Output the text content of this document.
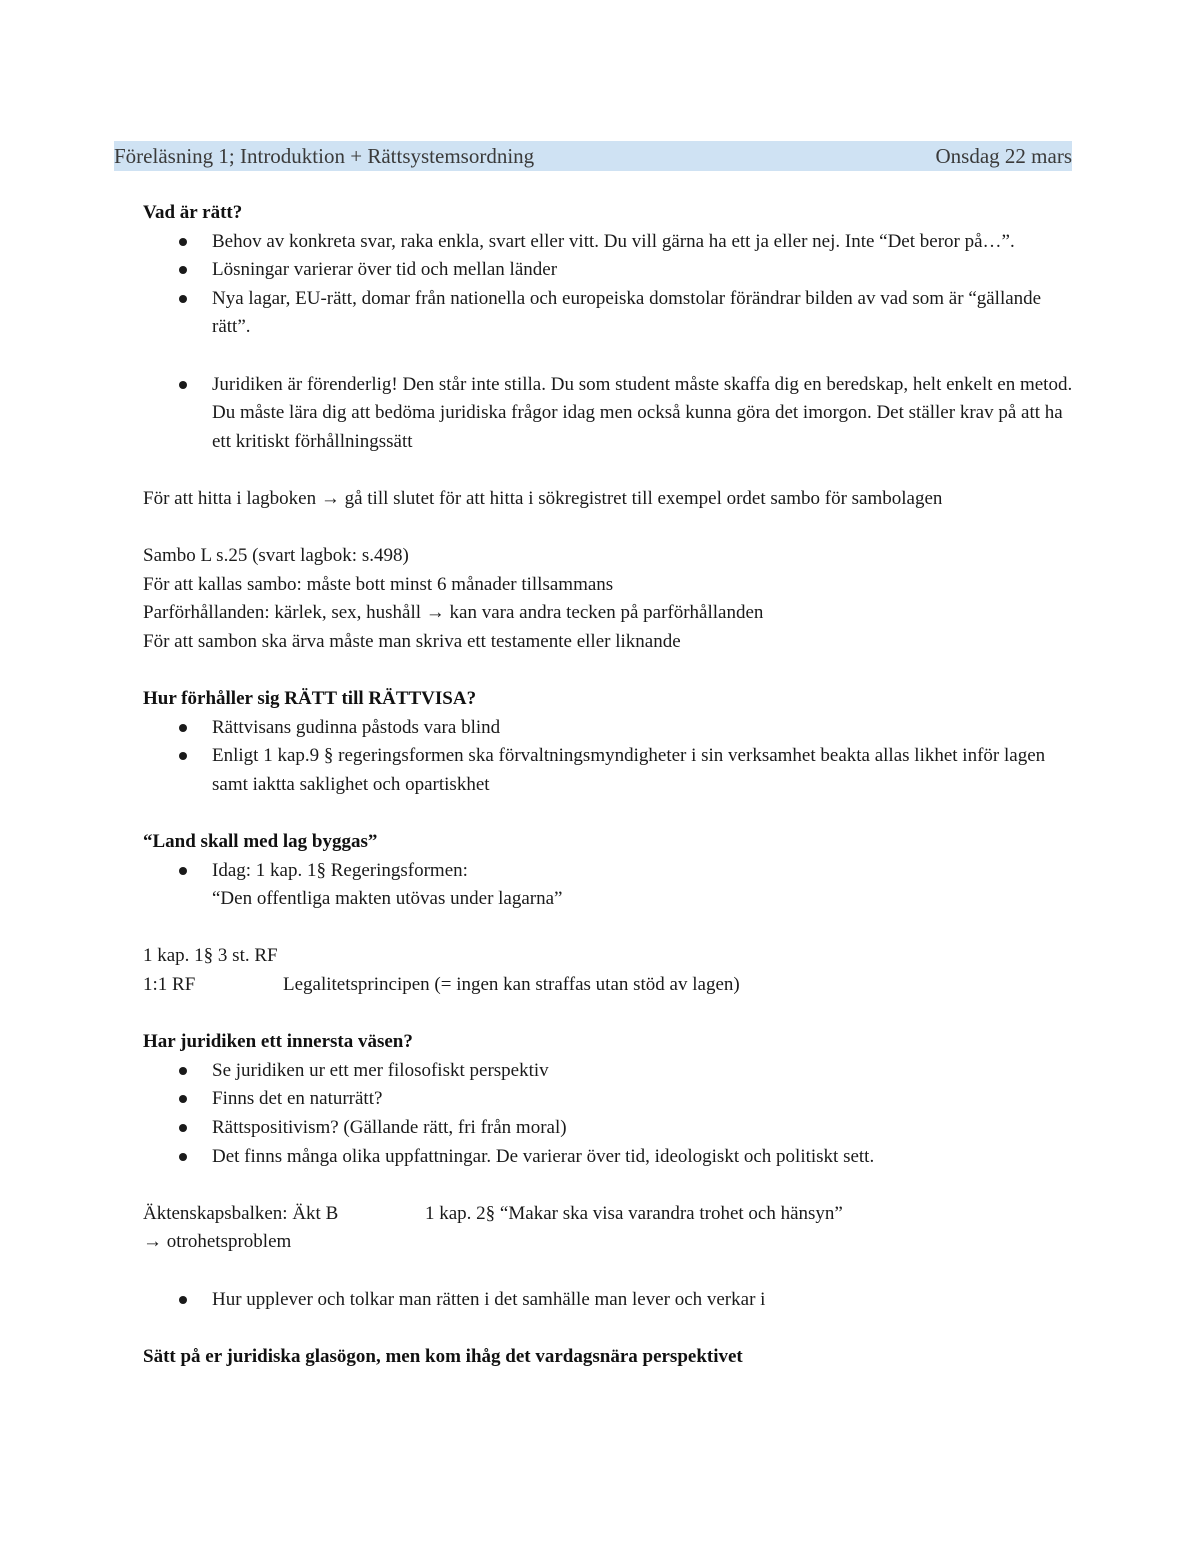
Föreläsning 1; Introduktion + Rättsystemsordning	Onsdag 22 mars

Vad är rätt?

Behov av konkreta svar, raka enkla, svart eller vitt. Du vill gärna ha ett ja eller nej. Inte “Det beror på…”.
Lösningar varierar över tid och mellan länder
Nya lagar, EU-rätt, domar från nationella och europeiska domstolar förändrar bilden av vad som är “gällande rätt”.
Juridiken är förenderlig! Den står inte stilla. Du som student måste skaffa dig en beredskap, helt enkelt en metod. Du måste lära dig att bedöma juridiska frågor idag men också kunna göra det imorgon. Det ställer krav på att ha ett kritiskt förhållningssätt

För att hitta i lagboken → gå till slutet för att hitta i sökregistret till exempel ordet sambo för sambolagen

Sambo L s.25 (svart lagbok: s.498)

För att kallas sambo: måste bott minst 6 månader tillsammans

Parförhållanden: kärlek, sex, hushåll → kan vara andra tecken på parförhållanden

För att sambon ska ärva måste man skriva ett testamente eller liknande

Hur förhåller sig RÄTT till RÄTTVISA?

Rättvisans gudinna påstods vara blind
Enligt 1 kap.9 § regeringsformen ska förvaltningsmyndigheter i sin verksamhet beakta allas likhet inför lagen samt iaktta saklighet och opartiskhet

“Land skall med lag byggas”

Idag: 1 kap. 1§ Regeringsformen:
“Den offentliga makten utövas under lagarna”

1 kap. 1§ 3 st. RF

1:1 RF	Legalitetsprincipen (= ingen kan straffas utan stöd av lagen)

Har juridiken ett innersta väsen?

Se juridiken ur ett mer filosofiskt perspektiv
Finns det en naturrätt?
Rättspositivism? (Gällande rätt, fri från moral)
Det finns många olika uppfattningar. De varierar över tid, ideologiskt och politiskt sett.

Äktenskapsbalken: Äkt B	1 kap. 2§ “Makar ska visa varandra trohet och hänsyn”

→ otrohetsproblem

Hur upplever och tolkar man rätten i det samhälle man lever och verkar i

Sätt på er juridiska glasögon, men kom ihåg det vardagsnära perspektivet
